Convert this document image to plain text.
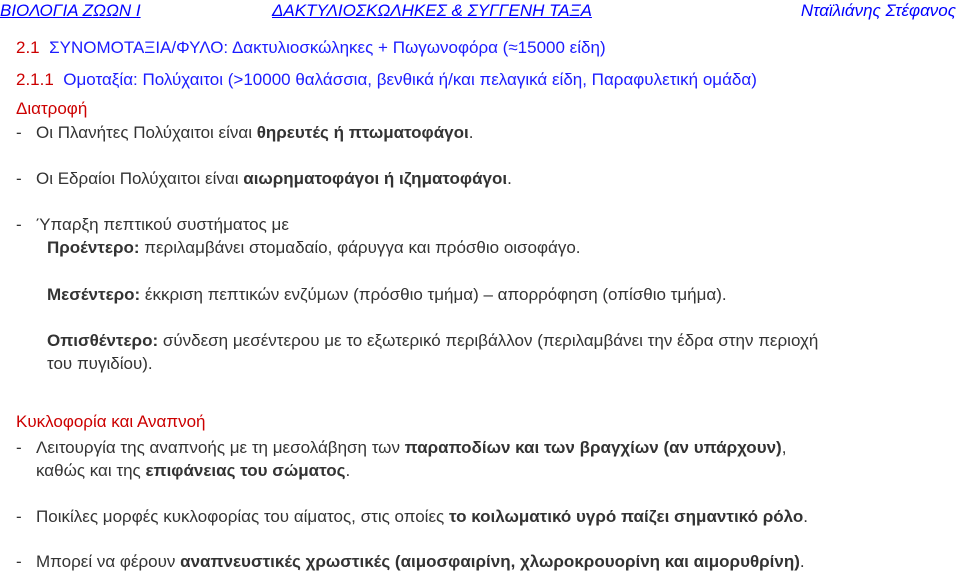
ΒΙΟΛΟΓΙΑ ΖΩΩΝ Ι	ΔΑΚΤΥΛΙΟΣΚΩΛΗΚΕΣ & ΣΥΓΓΕΝΗ ΤΑΞΑ	Νταϊλιάνης Στέφανος
2.1 ΣΥΝΟΜΟΤΑΞΙΑ/ΦΥΛΟ: Δακτυλιοσκώληκες + Πωγωνοφόρα (≈15000 είδη)
2.1.1 Ομοταξία: Πολύχαιτοι (>10000 θαλάσσια, βενθικά ή/και πελαγικά είδη, Παραφυλετική ομάδα)
Διατροφή
- Οι Πλανήτες Πολύχαιτοι είναι θηρευτές ή πτωματοφάγοι.
- Οι Εδραίοι Πολύχαιτοι είναι αιωρηματοφάγοι ή ιζηματοφάγοι.
- Ύπαρξη πεπτικού συστήματος με
Προέντερο: περιλαμβάνει στομαδαίο, φάρυγγα και πρόσθιο οισοφάγο.
Μεσέντερο: έκκριση πεπτικών ενζύμων (πρόσθιο τμήμα) – απορρόφηση (οπίσθιο τμήμα).
Οπισθέντερο: σύνδεση μεσέντερου με το εξωτερικό περιβάλλον (περιλαμβάνει την έδρα στην περιοχή
του πυγιδίου).
Κυκλοφορία και Αναπνοή
- Λειτουργία της αναπνοής με τη μεσολάβηση των παραποδίων και των βραγχίων (αν υπάρχουν),
καθώς και της επιφάνειας του σώματος.
- Ποικίλες μορφές κυκλοφορίας του αίματος, στις οποίες το κοιλωματικό υγρό παίζει σημαντικό ρόλο.
- Μπορεί να φέρουν αναπνευστικές χρωστικές (αιμοσφαιρίνη, χλωροκρουορίνη και αιμορυθρίνη).
